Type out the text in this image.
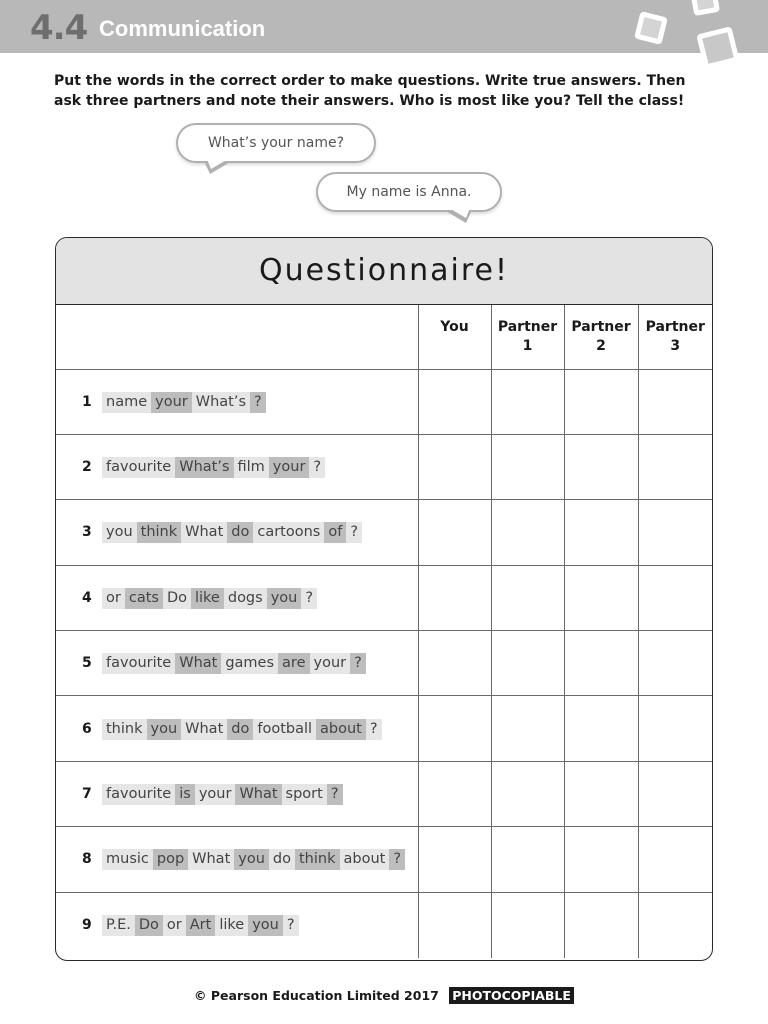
4.4 Communication

Put the words in the correct order to make questions. Write true answers. Then ask three partners and note their answers. Who is most like you? Tell the class!

What’s your name?
My name is Anna.
Questionnaire!
	You	Partner 1	Partner 2	Partner 3
1 name your What’s ?				
2 favourite What’s film your ?				
3 you think What do cartoons of ?				
4 or cats Do like dogs you ?				
5 favourite What games are your ?				
6 think you What do football about ?				
7 favourite is your What sport ?				
8 music pop What you do think about ?				
9 P.E. Do or Art like you ?				
© Pearson Education Limited 2017 PHOTOCOPIABLE
